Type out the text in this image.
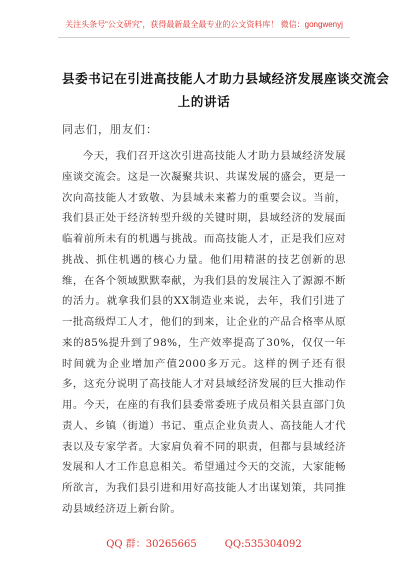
关注头条号“公文研究”，获得最新最全最专业的公文资料库！ 微信：gongwenyj
县委书记在引进高技能人才助力县域经济发展座谈交流会
上的讲话
同志们，朋友们：

今天，我们召开这次引进高技能人才助力县域经济发展座谈交流会。这是一次凝聚共识、共谋发展的盛会，更是一次向高技能人才致敬、为县域未来蓄力的重要会议。当前，我们县正处于经济转型升级的关键时期，县域经济的发展面临着前所未有的机遇与挑战。而高技能人才，正是我们应对挑战、抓住机遇的核心力量。他们用精湛的技艺创新的思维，在各个领域默默奉献，为我们县的发展注入了源源不断的活力。就拿我们县的XX制造业来说，去年，我们引进了一批高级焊工人才，他们的到来，让企业的产品合格率从原来的85%提升到了98%，生产效率提高了30%，仅仅一年时间就为企业增加产值2000多万元。这样的例子还有很多，这充分说明了高技能人才对县域经济发展的巨大推动作用。今天，在座的有我们县委常委班子成员相关县直部门负责人、乡镇（街道）书记、重点企业负责人、高技能人才代表以及专家学者。大家肩负着不同的职责，但都与县域经济发展和人才工作息息相关。希望通过今天的交流，大家能畅所欲言，为我们县引进和用好高技能人才出谋划策，共同推动县域经济迈上新台阶。

QQ 群：30265665	QQ:535304092
